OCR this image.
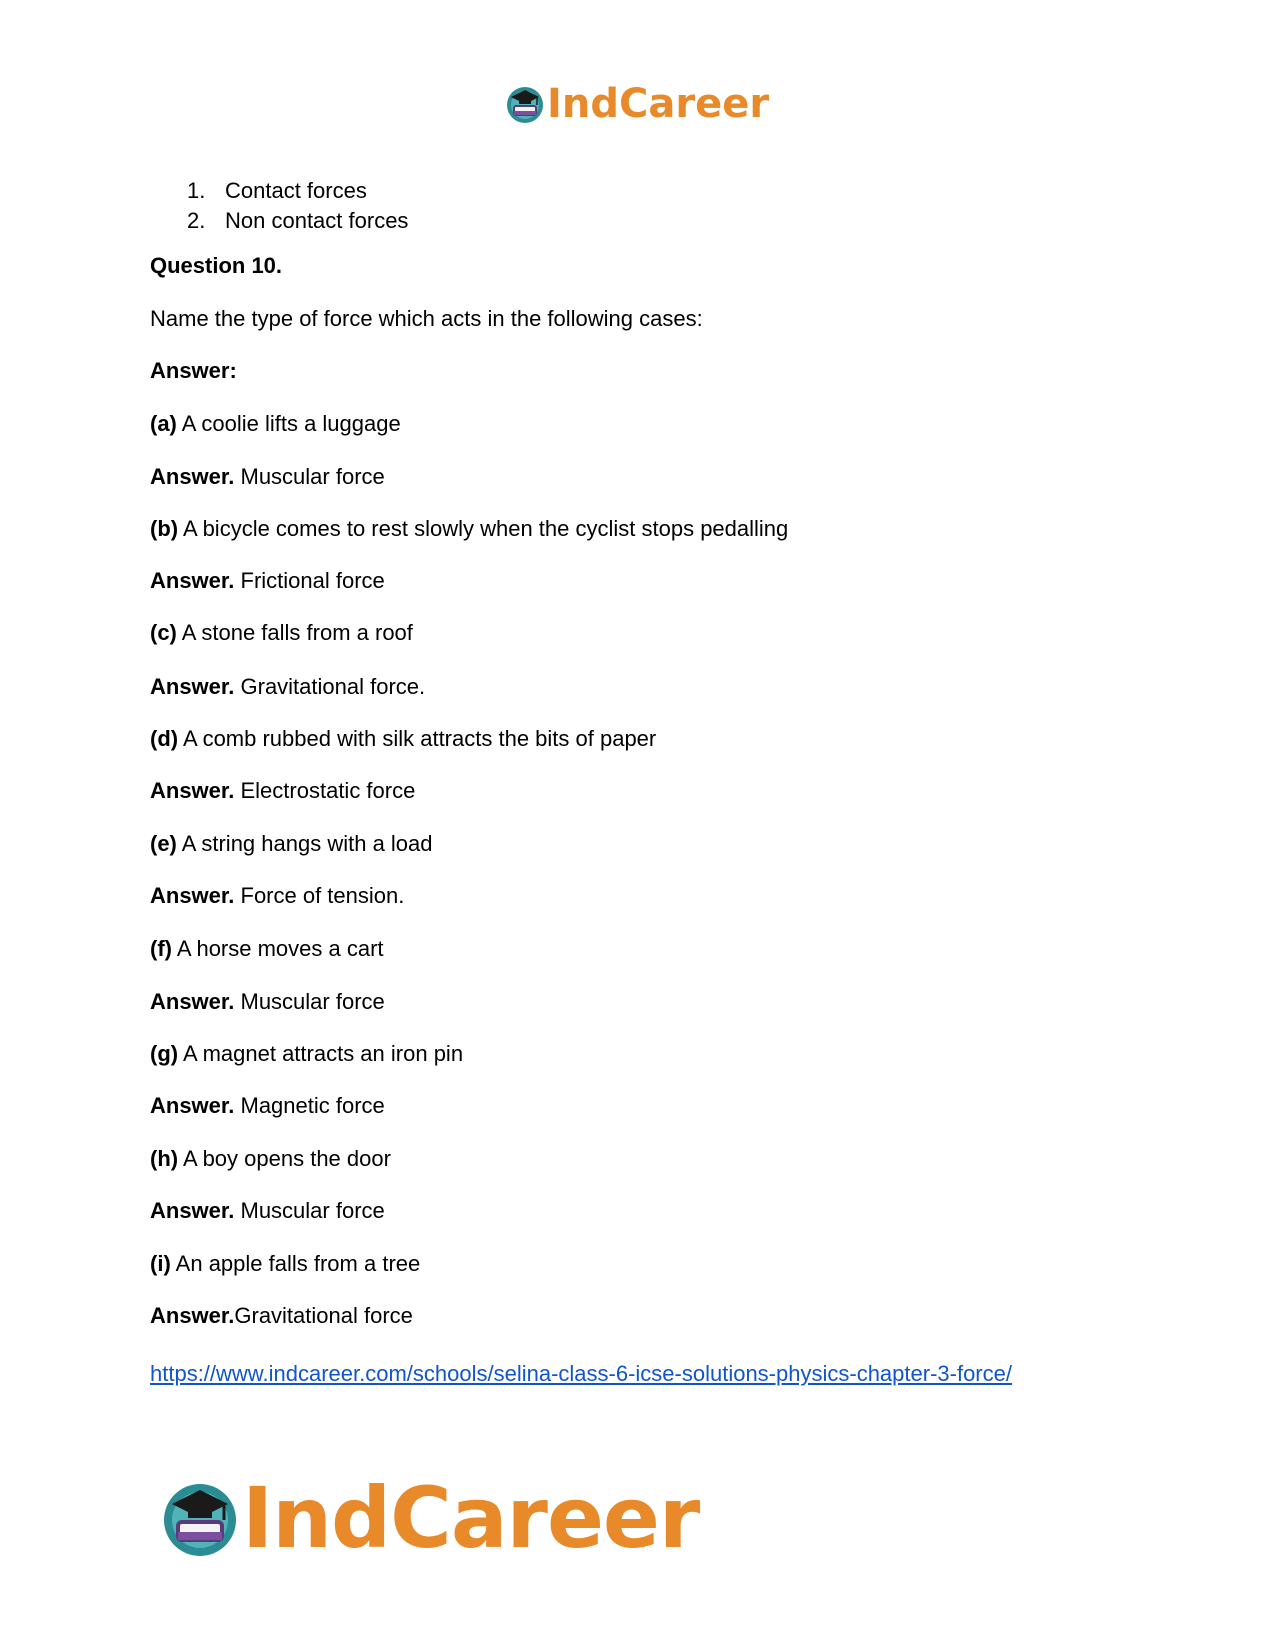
IndCareer
1. Contact forces
2. Non contact forces
Question 10.
Name the type of force which acts in the following cases:
Answer:
(a) A coolie lifts a luggage
Answer. Muscular force
(b) A bicycle comes to rest slowly when the cyclist stops pedalling
Answer. Frictional force
(c) A stone falls from a roof
Answer. Gravitational force.
(d) A comb rubbed with silk attracts the bits of paper
Answer. Electrostatic force
(e) A string hangs with a load
Answer. Force of tension.
(f) A horse moves a cart
Answer. Muscular force
(g) A magnet attracts an iron pin
Answer. Magnetic force
(h) A boy opens the door
Answer. Muscular force
(i) An apple falls from a tree
Answer.Gravitational force
https://www.indcareer.com/schools/selina-class-6-icse-solutions-physics-chapter-3-force/
IndCareer
